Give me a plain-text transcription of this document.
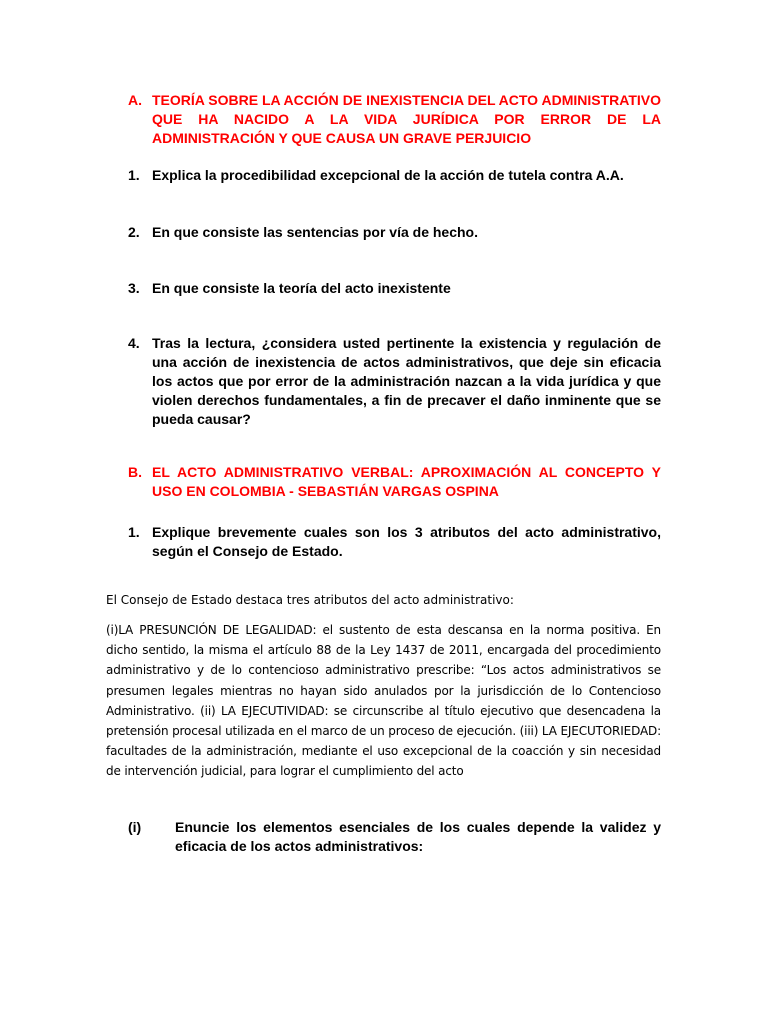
A. TEORÍA SOBRE LA ACCIÓN DE INEXISTENCIA DEL ACTO ADMINISTRATIVO QUE HA NACIDO A LA VIDA JURÍDICA POR ERROR DE LA ADMINISTRACIÓN Y QUE CAUSA UN GRAVE PERJUICIO
1. Explica la procedibilidad excepcional de la acción de tutela contra A.A.
2. En que consiste las sentencias por vía de hecho.
3. En que consiste la teoría del acto inexistente
4. Tras la lectura, ¿considera usted pertinente la existencia y regulación de una acción de inexistencia de actos administrativos, que deje sin eficacia los actos que por error de la administración nazcan a la vida jurídica y que violen derechos fundamentales, a fin de precaver el daño inminente que se pueda causar?
B. EL ACTO ADMINISTRATIVO VERBAL: APROXIMACIÓN AL CONCEPTO Y USO EN COLOMBIA - SEBASTIÁN VARGAS OSPINA
1. Explique brevemente cuales son los 3 atributos del acto administrativo, según el Consejo de Estado.
El Consejo de Estado destaca tres atributos del acto administrativo:
(i)LA PRESUNCIÓN DE LEGALIDAD: el sustento de esta descansa en la norma positiva. En dicho sentido, la misma el artículo 88 de la Ley 1437 de 2011, encargada del procedimiento administrativo y de lo contencioso administrativo prescribe: “Los actos administrativos se presumen legales mientras no hayan sido anulados por la jurisdicción de lo Contencioso Administrativo. (ii) LA EJECUTIVIDAD: se circunscribe al título ejecutivo que desencadena la pretensión procesal utilizada en el marco de un proceso de ejecución. (iii) LA EJECUTORIEDAD: facultades de la administración, mediante el uso excepcional de la coacción y sin necesidad de intervención judicial, para lograr el cumplimiento del acto
(i) Enuncie los elementos esenciales de los cuales depende la validez y eficacia de los actos administrativos:
